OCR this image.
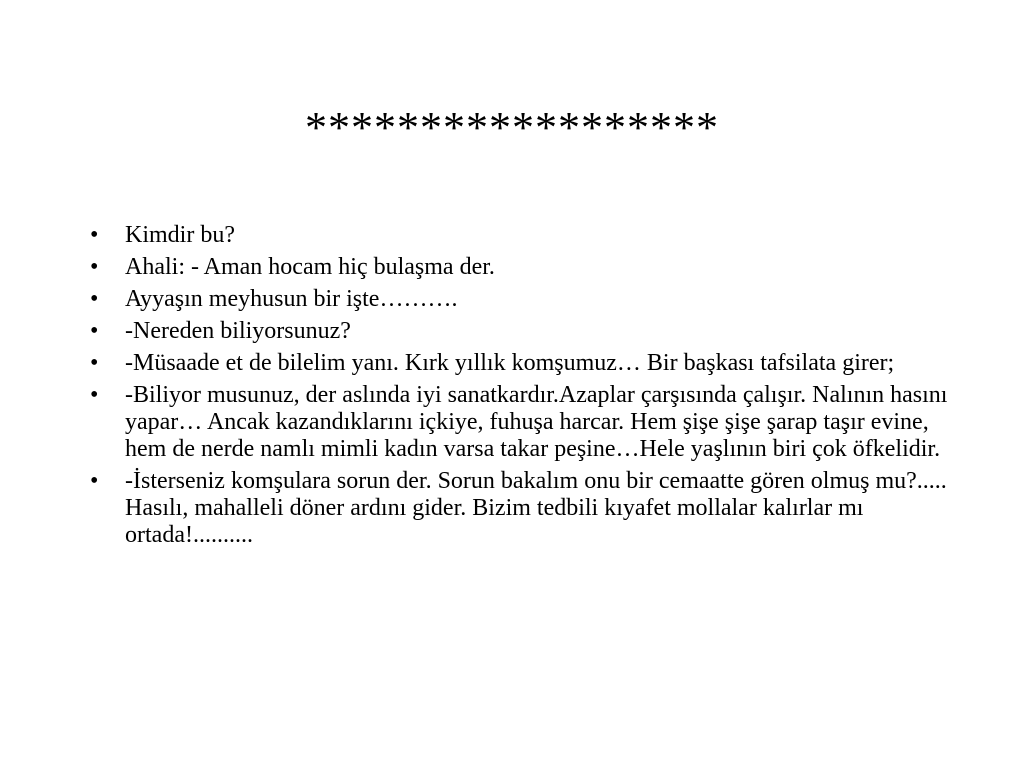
******************
•	Kimdir bu?
•	Ahali: - Aman hocam hiç bulaşma der.
•	Ayyaşın meyhusun bir işte……….
•	-Nereden biliyorsunuz?
•	-Müsaade et de bilelim yanı. Kırk yıllık komşumuz… Bir başkası tafsilata girer;
•	-Biliyor musunuz, der aslında iyi sanatkardır.Azaplar çarşısında çalışır. Nalının hasını yapar… Ancak kazandıklarını içkiye, fuhuşa harcar. Hem şişe şişe şarap taşır evine, hem de nerde namlı mimli kadın varsa takar peşine…Hele yaşlının biri çok öfkelidir.
•	-İsterseniz komşulara sorun der. Sorun bakalım onu bir cemaatte gören olmuş mu?..... Hasılı, mahalleli döner ardını gider. Bizim tedbili kıyafet mollalar kalırlar mı ortada!..........
